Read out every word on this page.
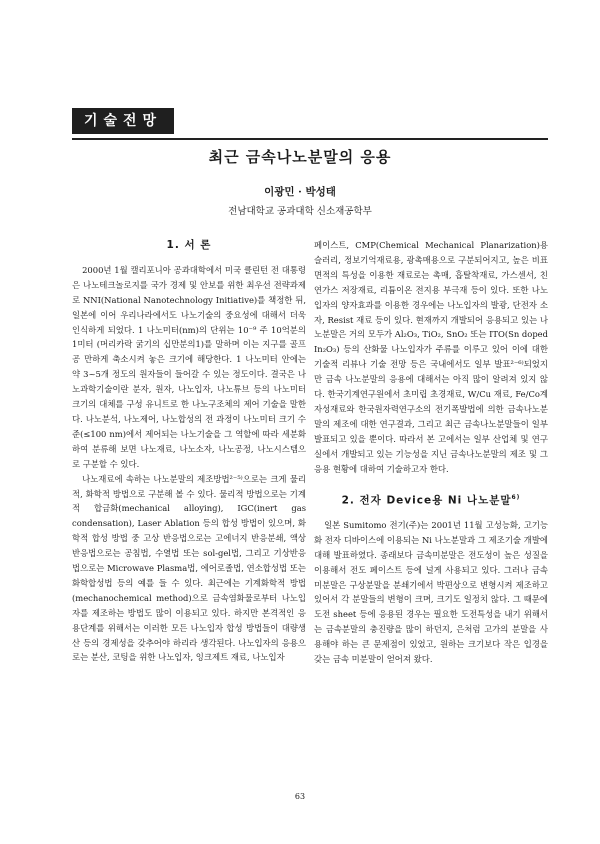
기술전망
최근 금속나노분말의 응용
이광민 · 박성태
전남대학교 공과대학 신소재공학부
1. 서 론

2000년 1월 캘리포니아 공과대학에서 미국 클린턴 전 대통령은 나노테크놀로지를 국가 경제 및 안보를 위한 최우선 전략과제로 NNI(National Nanotechnology Initiative)를 책정한 뒤, 일본에 이어 우리나라에서도 나노기술의 중요성에 대해서 더욱 인식하게 되었다. 1 나노미터(nm)의 단위는 10⁻⁹ 주 10억분의 1미터 (머리카락 굵기의 십만분의1)를 말하며 이는 지구를 골프공 만하게 축소시켜 놓은 크기에 해당한다. 1 나노미터 안에는 약 3~5개 정도의 원자들이 들어갈 수 있는 정도이다. 결국은 나노과학기술이란 분자, 원자, 나노입자, 나노튜브 등의 나노미터 크기의 대체를 구성 유니트로 한 나노구조체의 제어 기술을 말한다. 나노분석, 나노제어, 나노합성의 전 과정이 나노미터 크기 수준(≤100 nm)에서 제어되는 나노기술을 그 역할에 따라 세분화하여 분류해 보면 나노재료, 나노소자, 나노공정, 나노시스템으로 구분할 수 있다.

나노재료에 속하는 나노분말의 제조방법²⁻⁵⁾으로는 크게 물리적, 화학적 방법으로 구분해 볼 수 있다. 물리적 방법으로는 기계적 합금화(mechanical alloying), IGC(inert gas condensation), Laser Ablation 등의 합성 방법이 있으며, 화학적 합성 방법 중 고상 반응법으로는 고에너지 반응분쇄, 액상반응법으로는 공침법, 수열법 또는 sol-gel법, 그리고 기상반응법으로는 Microwave Plasma법, 에어로졸법, 연소합성법 또는 화학합성법 등의 예를 들 수 있다. 최근에는 기계화학적 방법(mechanochemical method)으로 금속염화물로부터 나노입자를 제조하는 방법도 많이 이용되고 있다. 하지만 본격적인 응용단계를 위해서는 이러한 모든 나노입자 합성 방법들이 대량생산 등의 경제성을 갖추어야 하리라 생각된다. 나노입자의 응용으로는 분산, 코팅을 위한 나노입자, 잉크제트 재료, 나노입자

페이스트, CMP(Chemical Mechanical Planarization)용 슬러리, 정보기억재료용, 광촉매용으로 구분되어지고, 높은 비표면적의 특성을 이용한 재료로는 촉매, 흡탈착재료, 가스센서, 친연가스 저장재료, 리튬이온 전지용 부극재 등이 있다. 또한 나노입자의 양자효과를 이용한 경우에는 나노입자의 발광, 단전자 소자, Resist 재료 등이 있다. 현재까지 개발되어 응용되고 있는 나노분말은 거의 모두가 Al₂O₃, TiO₂, SnO₂ 또는 ITO(Sn doped In₂O₃) 등의 산화물 나노입자가 주류를 이루고 있어 이에 대한 기술적 리뷰나 기술 전망 등은 국내에서도 일부 발표²⁻⁶⁾되었지만 금속 나노분말의 응용에 대해서는 아직 많이 알려져 있지 않다. 한국기계연구원에서 초미립 초경재료, W/Cu 재료, Fe/Co계 자성재료와 한국원자력연구소의 전기폭발법에 의한 금속나노분말의 제조에 대한 연구결과, 그리고 최근 금속나노분말들이 일부 발표되고 있을 뿐이다. 따라서 본 고에서는 일부 산업체 및 연구실에서 개발되고 있는 기능성을 지닌 금속나노분말의 제조 및 그 응용 현황에 대하여 기술하고자 한다.

2. 전자 Device용 Ni 나노분말$^{6)}$

일본 Sumitomo 전기(주)는 2001년 11월 고성능화, 고기능화 전자 디바이스에 이용되는 Ni 나노분말과 그 제조기술 개발에 대해 발표하였다. 종래보다 금속미분말은 전도성이 높은 성질을 이용해서 전도 페이스트 등에 널게 사용되고 있다. 그러나 금속 미분말은 구상분말을 분쇄기에서 박편상으로 변형시켜 제조하고 있어서 각 분말들의 변형이 크며, 크기도 일정치 않다. 그 때문에 도전 sheet 등에 응용된 경우는 필요한 도전특성을 내기 위해서는 금속분말의 충진량을 많이 하던지, 은처럼 고가의 분말을 사용해야 하는 큰 문제점이 있었고, 원하는 크기보다 작은 입경을 갖는 금속 미분말이 얻어져 왔다.

63
